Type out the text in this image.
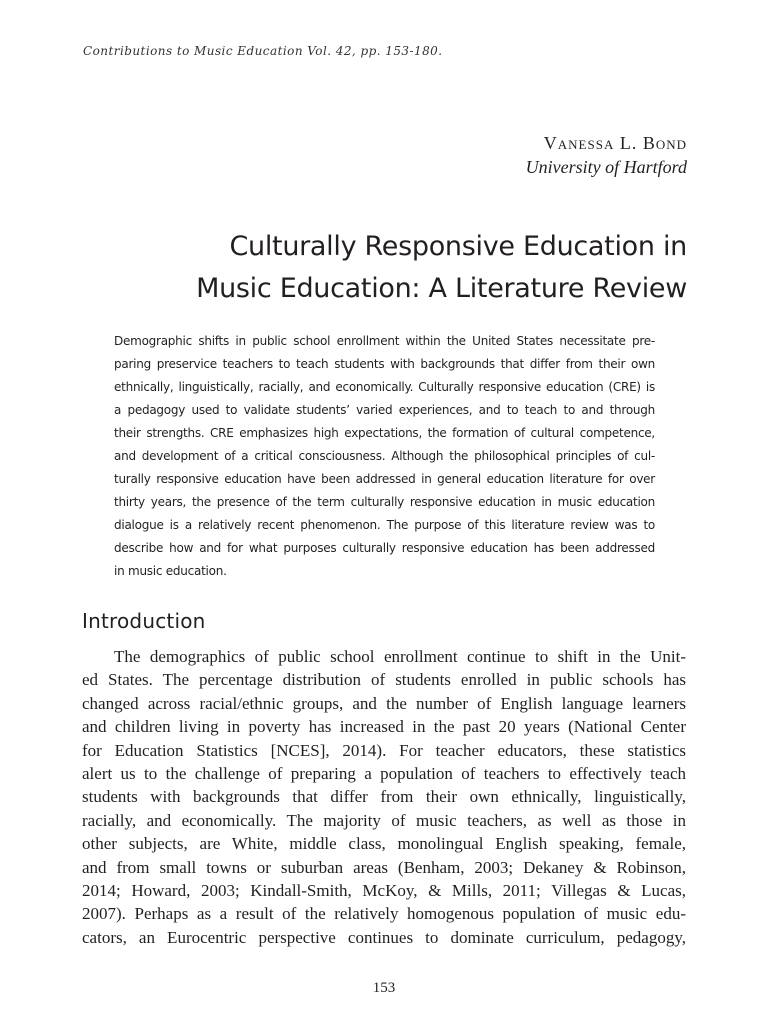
Contributions to Music Education Vol. 42, pp. 153-180.
Vanessa L. Bond
University of Hartford
Culturally Responsive Education in
Music Education: A Literature Review
Demographic shifts in public school enrollment within the United States necessitate pre-
paring preservice teachers to teach students with backgrounds that differ from their own
ethnically, linguistically, racially, and economically. Culturally responsive education (CRE) is
a pedagogy used to validate students’ varied experiences, and to teach to and through
their strengths. CRE emphasizes high expectations, the formation of cultural competence,
and development of a critical consciousness. Although the philosophical principles of cul-
turally responsive education have been addressed in general education literature for over
thirty years, the presence of the term culturally responsive education in music education
dialogue is a relatively recent phenomenon. The purpose of this literature review was to
describe how and for what purposes culturally responsive education has been addressed
in music education.
Introduction
The demographics of public school enrollment continue to shift in the Unit-
ed States. The percentage distribution of students enrolled in public schools has
changed across racial/ethnic groups, and the number of English language learners
and children living in poverty has increased in the past 20 years (National Center
for Education Statistics [NCES], 2014). For teacher educators, these statistics
alert us to the challenge of preparing a population of teachers to effectively teach
students with backgrounds that differ from their own ethnically, linguistically,
racially, and economically. The majority of music teachers, as well as those in
other subjects, are White, middle class, monolingual English speaking, female,
and from small towns or suburban areas (Benham, 2003; Dekaney & Robinson,
2014; Howard, 2003; Kindall-Smith, McKoy, & Mills, 2011; Villegas & Lucas,
2007). Perhaps as a result of the relatively homogenous population of music edu-
cators, an Eurocentric perspective continues to dominate curriculum, pedagogy,
153
